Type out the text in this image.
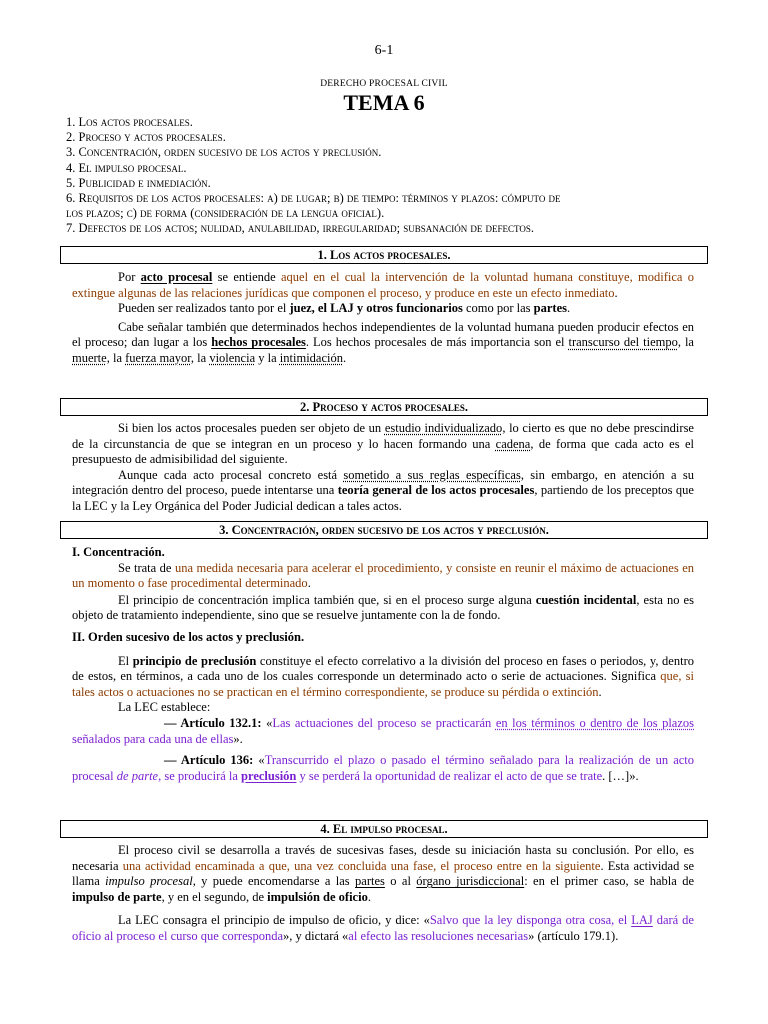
6-1
DERECHO PROCESAL CIVIL
TEMA 6
1. Los actos procesales.
2. Proceso y actos procesales.
3. Concentración, orden sucesivo de los actos y preclusión.
4. El impulso procesal.
5. Publicidad e inmediación.
6. Requisitos de los actos procesales: a) de lugar; b) de tiempo: términos y plazos: cómputo de
los plazos; c) de forma (consideración de la lengua oficial).
7. Defectos de los actos; nulidad, anulabilidad, irregularidad; subsanación de defectos.
1. Los actos procesales.

Por acto procesal se entiende aquel en el cual la intervención de la voluntad humana constituye, modifica o extingue algunas de las relaciones jurídicas que componen el proceso, y produce en este un efecto inmediato.

Pueden ser realizados tanto por el juez, el LAJ y otros funcionarios como por las partes.

Cabe señalar también que determinados hechos independientes de la voluntad humana pueden producir efectos en el proceso; dan lugar a los hechos procesales. Los hechos procesales de más importancia son el transcurso del tiempo, la muerte, la fuerza mayor, la violencia y la intimidación.

2. Proceso y actos procesales.

Si bien los actos procesales pueden ser objeto de un estudio individualizado, lo cierto es que no debe prescindirse de la circunstancia de que se integran en un proceso y lo hacen formando una cadena, de forma que cada acto es el presupuesto de admisibilidad del siguiente.

Aunque cada acto procesal concreto está sometido a sus reglas específicas, sin embargo, en atención a su integración dentro del proceso, puede intentarse una teoría general de los actos procesales, partiendo de los preceptos que la LEC y la Ley Orgánica del Poder Judicial dedican a tales actos.

3. Concentración, orden sucesivo de los actos y preclusión.

I. Concentración.

Se trata de una medida necesaria para acelerar el procedimiento, y consiste en reunir el máximo de actuaciones en un momento o fase procedimental determinado.

El principio de concentración implica también que, si en el proceso surge alguna cuestión incidental, esta no es objeto de tratamiento independiente, sino que se resuelve juntamente con la de fondo.

II. Orden sucesivo de los actos y preclusión.

El principio de preclusión constituye el efecto correlativo a la división del proceso en fases o periodos, y, dentro de estos, en términos, a cada uno de los cuales corresponde un determinado acto o serie de actuaciones. Significa que, si tales actos o actuaciones no se practican en el término correspondiente, se produce su pérdida o extinción.

La LEC establece:

— Artículo 132.1: «Las actuaciones del proceso se practicarán en los términos o dentro de los plazos señalados para cada una de ellas».

— Artículo 136: «Transcurrido el plazo o pasado el término señalado para la realización de un acto procesal de parte, se producirá la preclusión y se perderá la oportunidad de realizar el acto de que se trate. […]».

4. El impulso procesal.

El proceso civil se desarrolla a través de sucesivas fases, desde su iniciación hasta su conclusión. Por ello, es necesaria una actividad encaminada a que, una vez concluida una fase, el proceso entre en la siguiente. Esta actividad se llama impulso procesal, y puede encomendarse a las partes o al órgano jurisdiccional: en el primer caso, se habla de impulso de parte, y en el segundo, de impulsión de oficio.

La LEC consagra el principio de impulso de oficio, y dice: «Salvo que la ley disponga otra cosa, el LAJ dará de oficio al proceso el curso que corresponda», y dictará «al efecto las resoluciones necesarias» (artículo 179.1).
